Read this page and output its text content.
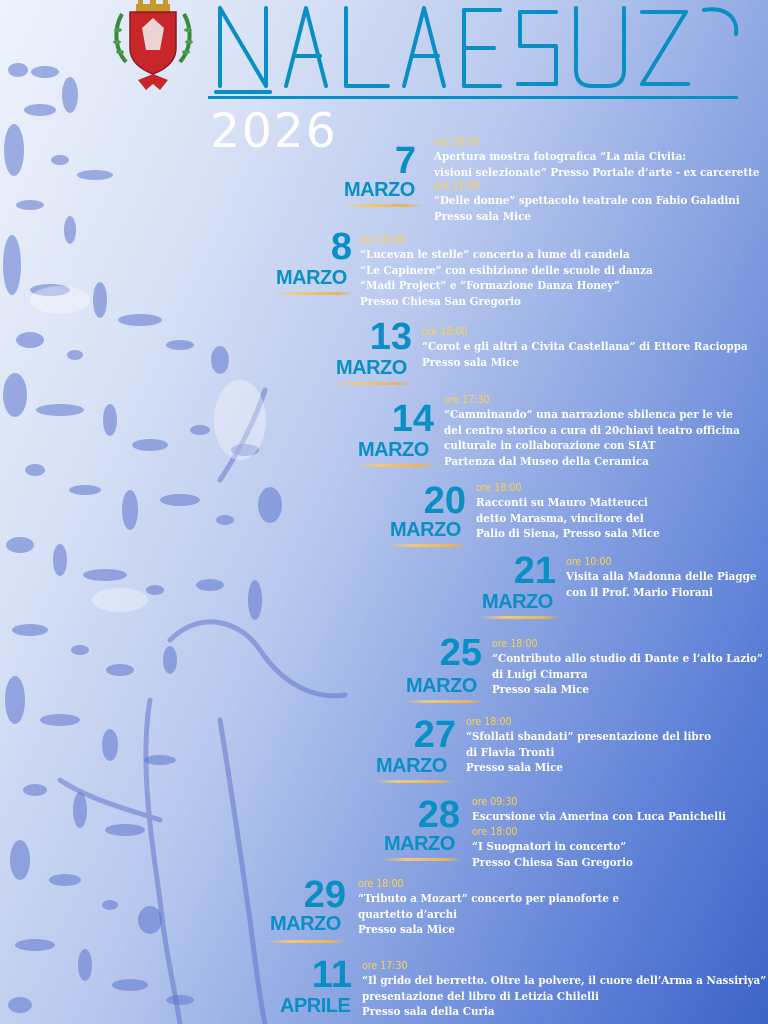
2026
7
MARZO
ore 18:00
Apertura mostra fotografica “La mia Civita:
visioni selezionate” Presso Portale d’arte - ex carcerette
ore 21:00
“Delle donne” spettacolo teatrale con Fabio Galadini
Presso sala Mice
8
MARZO
ore 18:00
“Lucevan le stelle” concerto a lume di candela
“Le Capinere” con esibizione delle scuole di danza
“Madi Project” e “Formazione Danza Honey”
Presso Chiesa San Gregorio
13
MARZO
ore 18:00
“Corot e gli altri a Civita Castellana” di Ettore Racioppa
Presso sala Mice
14
MARZO
ore 17:30
“Camminando” una narrazione sbilenca per le vie
del centro storico a cura di 20chiavi teatro officina
culturale in collaborazione con SIAT
Partenza dal Museo della Ceramica
20
MARZO
ore 18:00
Racconti su Mauro Matteucci
detto Marasma, vincitore del
Palio di Siena, Presso sala Mice
21
MARZO
ore 10:00
Visita alla Madonna delle Piagge
con il Prof. Mario Fiorani
25
MARZO
ore 18:00
“Contributo allo studio di Dante e l’alto Lazio”
di Luigi Cimarra
Presso sala Mice
27
MARZO
ore 18:00
“Sfollati sbandati” presentazione del libro
di Flavia Tronti
Presso sala Mice
28
MARZO
ore 09:30
Escursione via Amerina con Luca Panichelli
ore 18:00
“I Suognatori in concerto”
Presso Chiesa San Gregorio
29
MARZO
ore 18:00
“Tributo a Mozart” concerto per pianoforte e
quartetto d’archi
Presso sala Mice
11
APRILE
ore 17:30
“Il grido del berretto. Oltre la polvere, il cuore dell’Arma a Nassiriya”
presentazione del libro di Letizia Chilelli
Presso sala della Curia
